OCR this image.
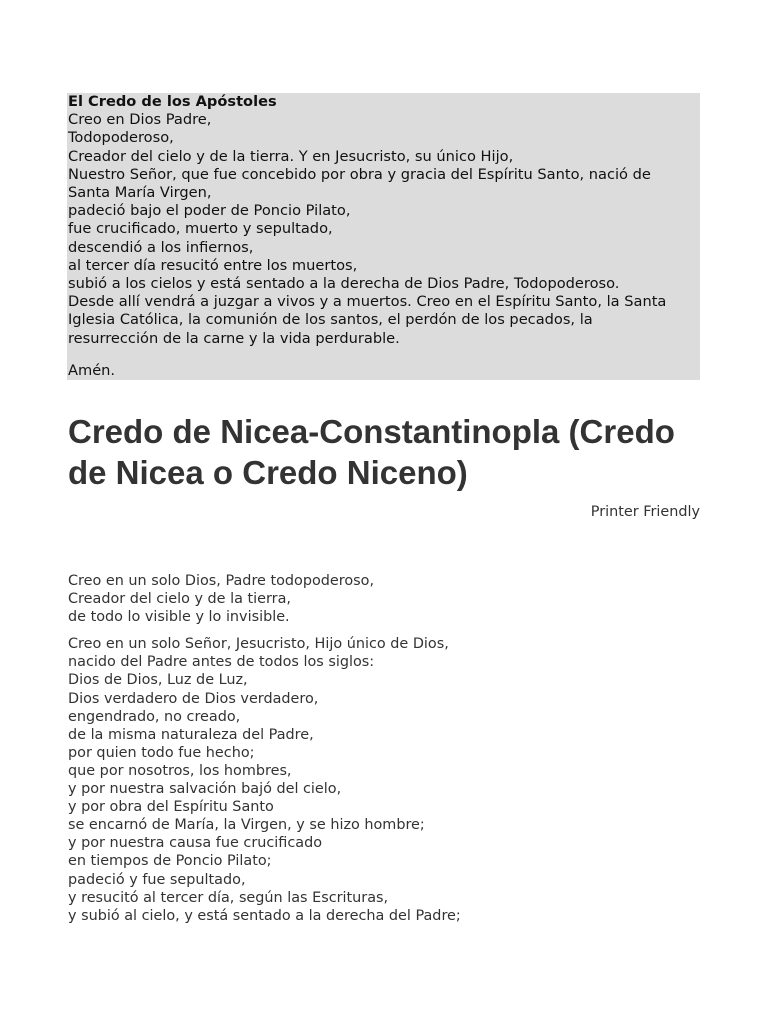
El Credo de los Apóstoles
Creo en Dios Padre,
Todopoderoso,
Creador del cielo y de la tierra. Y en Jesucristo, su único Hijo,
Nuestro Señor, que fue concebido por obra y gracia del Espíritu Santo, nació de
Santa María Virgen,
padeció bajo el poder de Poncio Pilato,
fue crucificado, muerto y sepultado,
descendió a los infiernos,
al tercer día resucitó entre los muertos,
subió a los cielos y está sentado a la derecha de Dios Padre, Todopoderoso.
Desde allí vendrá a juzgar a vivos y a muertos. Creo en el Espíritu Santo, la Santa
Iglesia Católica, la comunión de los santos, el perdón de los pecados, la
resurrección de la carne y la vida perdurable.
Amén.
Credo de Nicea-Constantinopla (Credo de Nicea o Credo Niceno)
Printer Friendly
Creo en un solo Dios, Padre todopoderoso,
Creador del cielo y de la tierra,
de todo lo visible y lo invisible.
Creo en un solo Señor, Jesucristo, Hijo único de Dios,
nacido del Padre antes de todos los siglos:
Dios de Dios, Luz de Luz,
Dios verdadero de Dios verdadero,
engendrado, no creado,
de la misma naturaleza del Padre,
por quien todo fue hecho;
que por nosotros, los hombres,
y por nuestra salvación bajó del cielo,
y por obra del Espíritu Santo
se encarnó de María, la Virgen, y se hizo hombre;
y por nuestra causa fue crucificado
en tiempos de Poncio Pilato;
padeció y fue sepultado,
y resucitó al tercer día, según las Escrituras,
y subió al cielo, y está sentado a la derecha del Padre;
